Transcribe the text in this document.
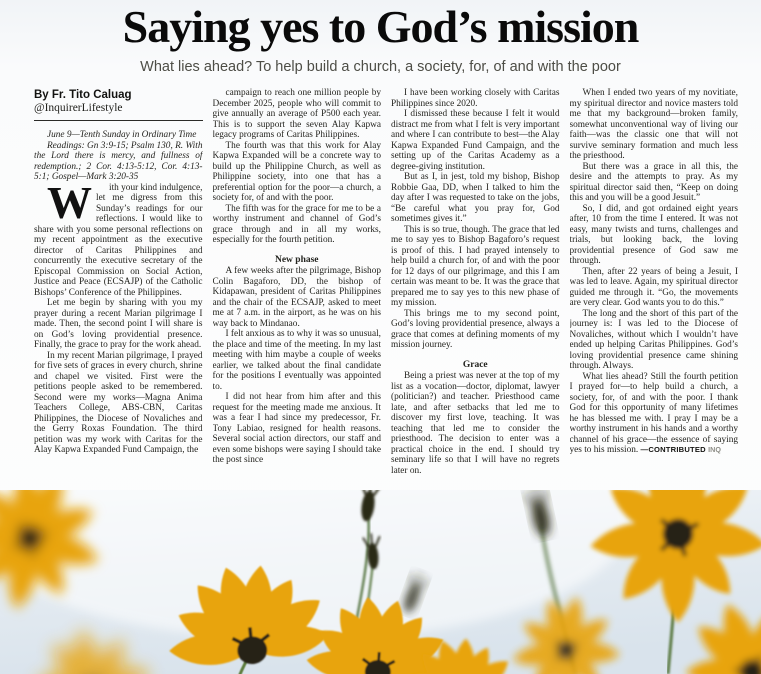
Saying yes to God’s mission

What lies ahead? To help build a church, a society, for, of and with the poor

By Fr. Tito Caluag
@InquirerLifestyle

June 9—Tenth Sunday in Ordinary Time

Readings: Gn 3:9-15; Psalm 130, R. With the Lord there is mercy, and fullness of redemption.; 2 Cor. 4:13-5:12, Cor. 4:13-5:1; Gospel—Mark 3:20-35

W	ith your kind indulgence, let me digress from this Sunday’s readings for our reflections. I would like to share with you some personal reflections on my recent appointment as the executive director of Caritas Philippines and concurrently the executive secretary of the Episcopal Commission on Social Action, Justice and Peace (ECSAJP) of the Catholic Bishops’ Conference of the Philippines.

Let me begin by sharing with you my prayer during a recent Marian pilgrimage I made. Then, the second point I will share is on God’s loving providential presence. Finally, the grace to pray for the work ahead.

In my recent Marian pilgrimage, I prayed for five sets of graces in every church, shrine and chapel we visited. First were the petitions people asked to be remembered. Second were my works—Magna Anima Teachers College, ABS-CBN, Caritas Philippines, the Diocese of Novaliches and the Gerry Roxas Foundation. The third petition was my work with Caritas for the Alay Kapwa Expanded Fund Campaign, the

campaign to reach one million people by December 2025, people who will commit to give annually an average of P500 each year. This is to support the seven Alay Kapwa legacy programs of Caritas Philippines.

The fourth was that this work for Alay Kapwa Expanded will be a concrete way to build up the Philippine Church, as well as Philippine society, into one that has a preferential option for the poor—a church, a society for, of and with the poor.

The fifth was for the grace for me to be a worthy instrument and channel of God’s grace through and in all my works, especially for the fourth petition.

New phase

A few weeks after the pilgrimage, Bishop Colin Bagaforo, DD, the bishop of Kidapawan, president of Caritas Philippines and the chair of the ECSAJP, asked to meet me at 7 a.m. in the airport, as he was on his way back to Mindanao.

I felt anxious as to why it was so unusual, the place and time of the meeting. In my last meeting with him maybe a couple of weeks earlier, we talked about the final candidate for the positions I eventually was appointed to.

I did not hear from him after and this request for the meeting made me anxious. It was a fear I had since my predecessor, Fr. Tony Labiao, resigned for health reasons. Several social action directors, our staff and even some bishops were saying I should take the post since

I have been working closely with Caritas Philippines since 2020.

I dismissed these because I felt it would distract me from what I felt is very important and where I can contribute to best—the Alay Kapwa Expanded Fund Campaign, and the setting up of the Caritas Academy as a degree-giving institution.

But as I, in jest, told my bishop, Bishop Robbie Gaa, DD, when I talked to him the day after I was requested to take on the jobs, “Be careful what you pray for, God sometimes gives it.”

This is so true, though. The grace that led me to say yes to Bishop Bagaforo’s request is proof of this. I had prayed intensely to help build a church for, of and with the poor for 12 days of our pilgrimage, and this I am certain was meant to be. It was the grace that prepared me to say yes to this new phase of my mission.

This brings me to my second point, God’s loving providential presence, always a grace that comes at defining moments of my mission journey.

Grace

Being a priest was never at the top of my list as a vocation—doctor, diplomat, lawyer (politician?) and teacher. Priesthood came late, and after setbacks that led me to discover my first love, teaching. It was teaching that led me to consider the priesthood. The decision to enter was a practical choice in the end. I should try seminary life so that I will have no regrets later on.

When I ended two years of my novitiate, my spiritual director and novice masters told me that my background—broken family, somewhat unconventional way of living our faith—was the classic one that will not survive seminary formation and much less the priesthood.

But there was a grace in all this, the desire and the attempts to pray. As my spiritual director said then, “Keep on doing this and you will be a good Jesuit.”

So, I did, and got ordained eight years after, 10 from the time I entered. It was not easy, many twists and turns, challenges and trials, but looking back, the loving providential presence of God saw me through.

Then, after 22 years of being a Jesuit, I was led to leave. Again, my spiritual director guided me through it. “Go, the movements are very clear. God wants you to do this.”

The long and the short of this part of the journey is: I was led to the Diocese of Novaliches, without which I wouldn’t have ended up helping Caritas Philippines. God’s loving providential presence came shining through. Always.

What lies ahead? Still the fourth petition I prayed for—to help build a church, a society, for, of and with the poor. I thank God for this opportunity of many lifetimes he has blessed me with. I pray I may be a worthy instrument in his hands and a worthy channel of his grace—the essence of saying yes to his mission. —CONTRIBUTED INQ
